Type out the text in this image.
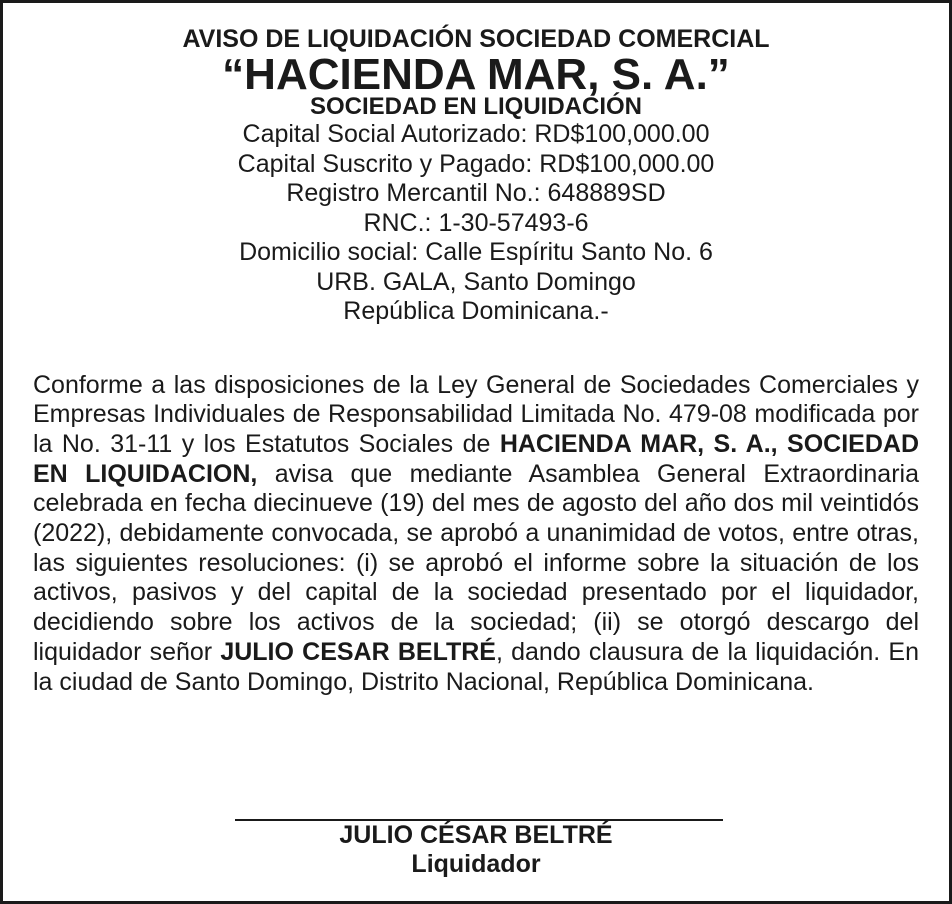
AVISO DE LIQUIDACIÓN SOCIEDAD COMERCIAL
“HACIENDA MAR, S. A.”
SOCIEDAD EN LIQUIDACIÓN
Capital Social Autorizado: RD$100,000.00
Capital Suscrito y Pagado: RD$100,000.00
Registro Mercantil No.: 648889SD
RNC.: 1-30-57493-6
Domicilio social: Calle Espíritu Santo No. 6
URB. GALA, Santo Domingo
República Dominicana.-
Conforme a las disposiciones de la Ley General de Sociedades Comerciales y Empresas Individuales de Responsabilidad Limitada No. 479-08 modificada por la No. 31-11 y los Estatutos Sociales de HACIENDA MAR, S. A., SOCIEDAD EN LIQUIDACION, avisa que mediante Asamblea General Extraordinaria celebrada en fecha diecinueve (19) del mes de agosto del año dos mil veintidós (2022), debidamente convocada, se aprobó a unanimidad de votos, entre otras, las siguientes resoluciones: (i) se aprobó el informe sobre la situación de los activos, pasivos y del capital de la sociedad presentado por el liquidador, decidiendo sobre los activos de la sociedad; (ii) se otorgó descargo del liquidador señor JULIO CESAR BELTRÉ, dando clausura de la liquidación. En la ciudad de Santo Domingo, Distrito Nacional, República Dominicana.
JULIO CÉSAR BELTRÉ
Liquidador
